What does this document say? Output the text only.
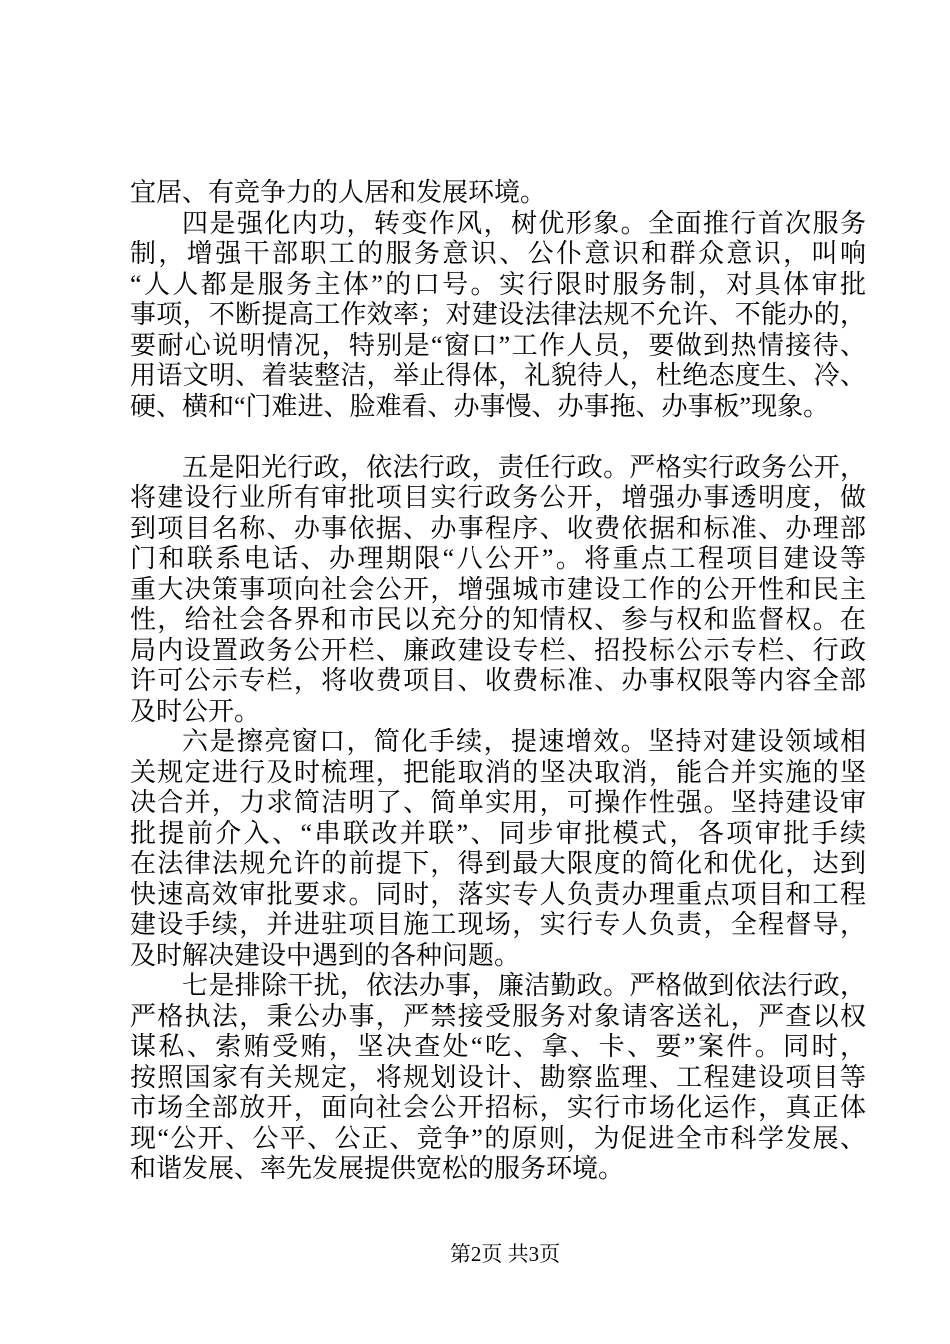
宜居、有竞争力的人居和发展环境。
四是强化内功，转变作风，树优形象。全面推行首次服务
制，增强干部职工的服务意识、公仆意识和群众意识，叫响
“人人都是服务主体”的口号。实行限时服务制，对具体审批
事项，不断提高工作效率；对建设法律法规不允许、不能办的，
要耐心说明情况，特别是“窗口”工作人员，要做到热情接待、
用语文明、着装整洁，举止得体，礼貌待人，杜绝态度生、冷、
硬、横和“门难进、脸难看、办事慢、办事拖、办事板”现象。
五是阳光行政，依法行政，责任行政。严格实行政务公开，
将建设行业所有审批项目实行政务公开，增强办事透明度，做
到项目名称、办事依据、办事程序、收费依据和标准、办理部
门和联系电话、办理期限“八公开”。将重点工程项目建设等
重大决策事项向社会公开，增强城市建设工作的公开性和民主
性，给社会各界和市民以充分的知情权、参与权和监督权。在
局内设置政务公开栏、廉政建设专栏、招投标公示专栏、行政
许可公示专栏，将收费项目、收费标准、办事权限等内容全部
及时公开。
六是擦亮窗口，简化手续，提速增效。坚持对建设领域相
关规定进行及时梳理，把能取消的坚决取消，能合并实施的坚
决合并，力求简洁明了、简单实用，可操作性强。坚持建设审
批提前介入、“串联改并联”、同步审批模式，各项审批手续
在法律法规允许的前提下，得到最大限度的简化和优化，达到
快速高效审批要求。同时，落实专人负责办理重点项目和工程
建设手续，并进驻项目施工现场，实行专人负责，全程督导，
及时解决建设中遇到的各种问题。
七是排除干扰，依法办事，廉洁勤政。严格做到依法行政，
严格执法，秉公办事，严禁接受服务对象请客送礼，严查以权
谋私、索贿受贿，坚决查处“吃、拿、卡、要”案件。同时，
按照国家有关规定，将规划设计、勘察监理、工程建设项目等
市场全部放开，面向社会公开招标，实行市场化运作，真正体
现“公开、公平、公正、竞争”的原则，为促进全市科学发展、
和谐发展、率先发展提供宽松的服务环境。
第2页 共3页
